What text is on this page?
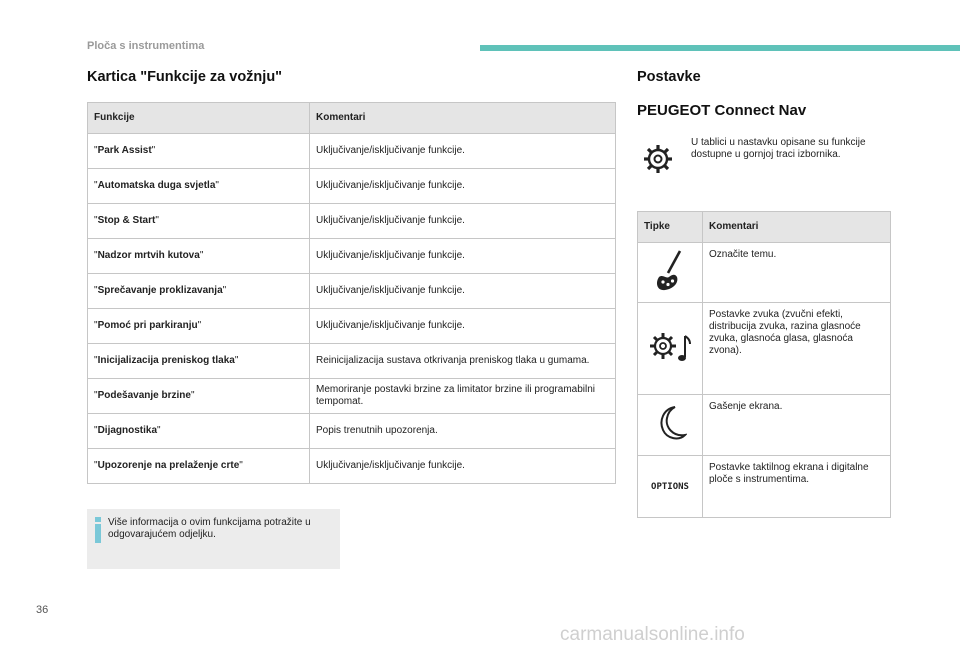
Ploča s instrumentima
Kartica "Funkcije za vožnju"
Funkcije	Komentari
"Park Assist"	Uključivanje/isključivanje funkcije.
"Automatska duga svjetla"	Uključivanje/isključivanje funkcije.
"Stop & Start"	Uključivanje/isključivanje funkcije.
"Nadzor mrtvih kutova"	Uključivanje/isključivanje funkcije.
"Sprečavanje proklizavanja"	Uključivanje/isključivanje funkcije.
"Pomoć pri parkiranju"	Uključivanje/isključivanje funkcije.
"Inicijalizacija preniskog tlaka"	Reinicijalizacija sustava otkrivanja preniskog tlaka u gumama.
"Podešavanje brzine"	Memoriranje postavki brzine za limitator brzine ili programabilni tempomat.
"Dijagnostika"	Popis trenutnih upozorenja.
"Upozorenje na prelaženje crte"	Uključivanje/isključivanje funkcije.
Više informacija o ovim funkcijama potražite u odgovarajućem odjeljku.
Postavke
PEUGEOT Connect Nav
U tablici u nastavku opisane su funkcije dostupne u gornjoj traci izbornika.
Tipke	Komentari
	Označite temu.
	Postavke zvuka (zvučni efekti, distribucija zvuka, razina glasnoće zvuka, glasnoća glasa, glasnoća zvona).
	Gašenje ekrana.
OPTIONS	Postavke taktilnog ekrana i digitalne ploče s instrumentima.
36
carmanualsonline.info
